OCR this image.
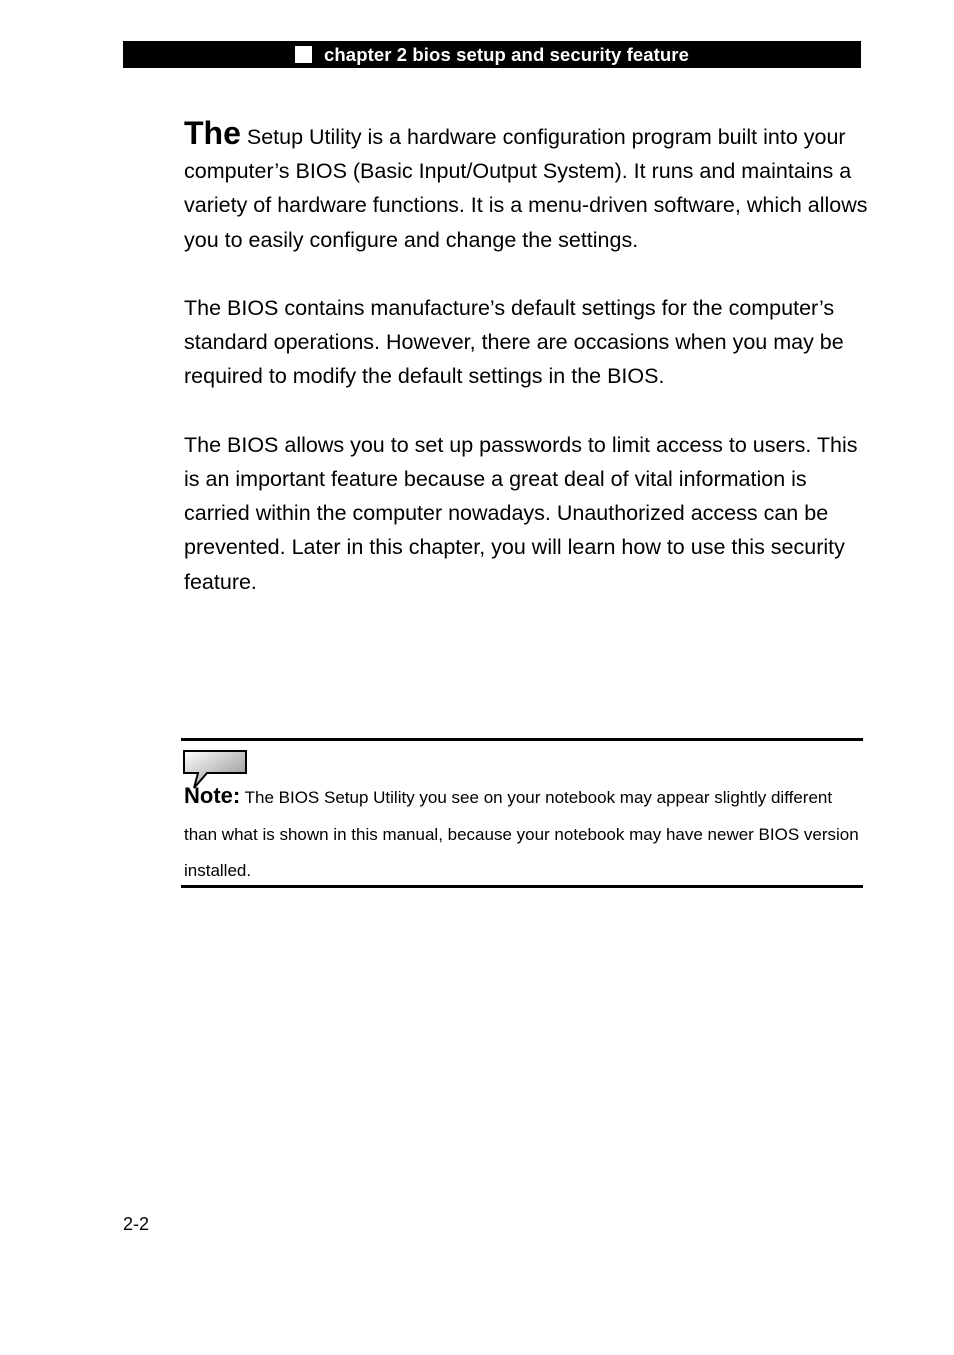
chapter 2 bios setup and security feature

The Setup Utility is a hardware configuration program built into your computer’s BIOS (Basic Input/Output System). It runs and maintains a variety of hardware functions. It is a menu-driven software, which allows you to easily configure and change the settings.

The BIOS contains manufacture’s default settings for the computer’s standard operations. However, there are occasions when you may be required to modify the default settings in the BIOS.

The BIOS allows you to set up passwords to limit access to users. This is an important feature because a great deal of vital information is carried within the computer nowadays. Unauthorized access can be prevented. Later in this chapter, you will learn how to use this security feature.

Note: The BIOS Setup Utility you see on your notebook may appear slightly different than what is shown in this manual, because your notebook may have newer BIOS version installed.
2-2
